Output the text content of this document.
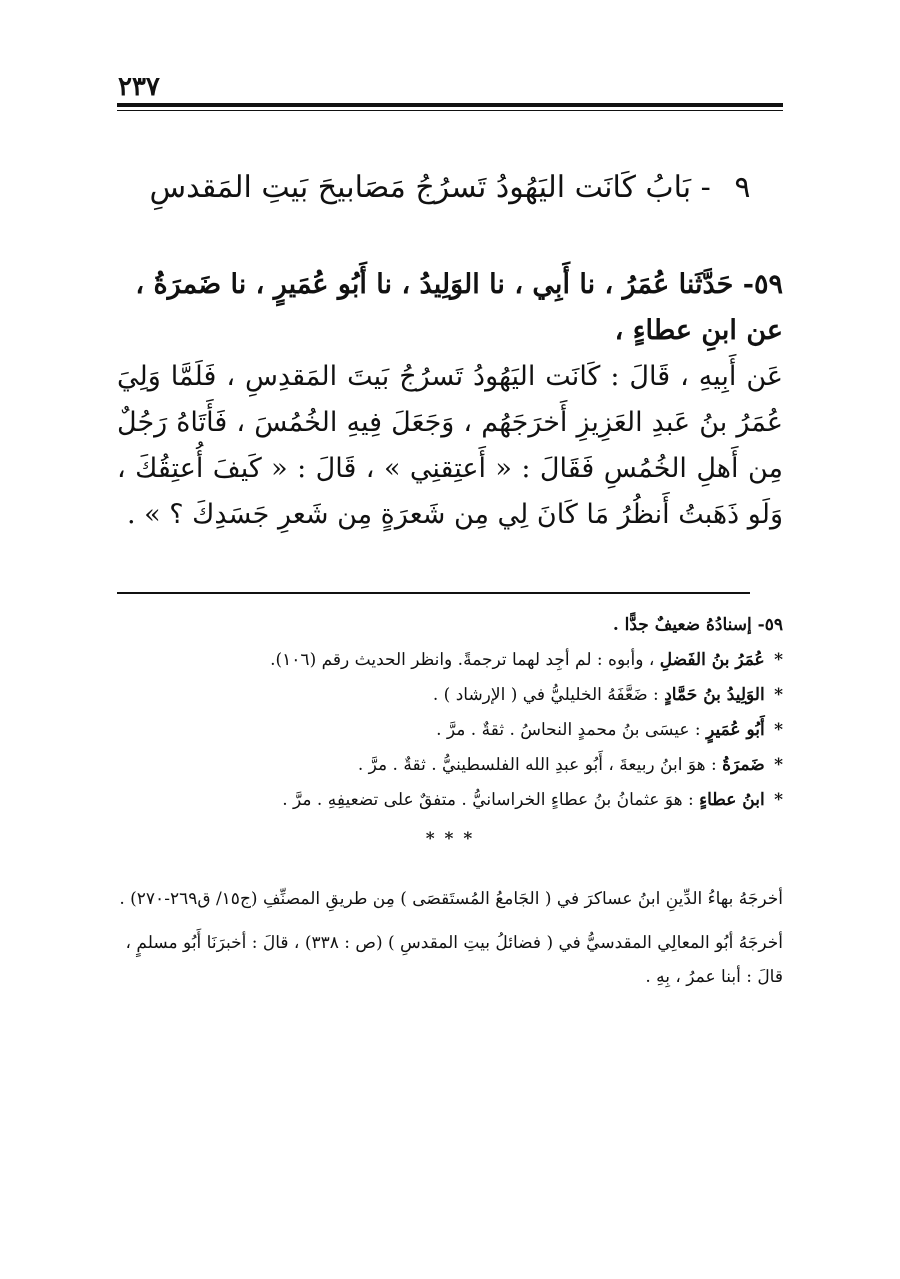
٢٣٧
٩ - بَابُ كَانَت اليَهُودُ تَسرُجُ مَصَابيحَ بَيتِ المَقدسِ

٥٩- حَدَّثَنا عُمَرُ ، نا أَبِي ، نا الوَلِيدُ ، نا أَبُو عُمَيرٍ ، نا ضَمرَةُ ، عن ابنِ عطاءٍ ،

عَن أَبِيهِ ، قَالَ : كَانَت اليَهُودُ تَسرُجُ بَيتَ المَقدِسِ ، فَلَمَّا وَلِيَ عُمَرُ بنُ عَبدِ العَزِيزِ أَخرَجَهُم ، وَجَعَلَ فِيهِ الخُمُسَ ، فَأَتَاهُ رَجُلٌ مِن أَهلِ الخُمُسِ فَقَالَ : « أَعتِقنِي » ، قَالَ : « كَيفَ أُعتِقُكَ ، وَلَو ذَهَبتُ أَنظُرُ مَا كَانَ لِي مِن شَعرَةٍ مِن شَعرِ جَسَدِكَ ؟ » .

٥٩- إسنادُهُ ضعيفٌ جدًّا .
* عُمَرُ بنُ الفَضلِ ، وأبوه : لم أجِد لهما ترجمةً. وانظر الحديث رقم (١٠٦).
* الوَلِيدُ بنُ حَمَّادٍ : ضَعَّفَهُ الخليليُّ في ( الإرشاد ) .
* أَبُو عُمَيرٍ : عيسَى بنُ محمدٍ النحاسُ . ثقةٌ . مرَّ .
* ضَمرَةُ : هوَ ابنُ ربيعةَ ، أَبُو عبدِ الله الفلسطينيُّ . ثقةٌ . مرَّ .
* ابنُ عطاءٍ : هوَ عثمانُ بنُ عطاءٍ الخراسانيُّ . متفقٌ على تضعيفِهِ . مرَّ .
* * *

أخرجَهُ بهاءُ الدِّينِ ابنُ عساكرَ في ( الجَامعُ المُستَقصَى ) مِن طريقِ المصنِّفِ (ج١٥/ ق٢٦٩-٢٧٠) .

أخرجَهُ أبُو المعالِي المقدسيُّ في ( فضائلُ بيتِ المقدسِ ) (ص : ٣٣٨) ، قالَ : أخبرَنَا أَبُو مسلمٍ ، قالَ : أبنا عمرُ ، بِهِ .
